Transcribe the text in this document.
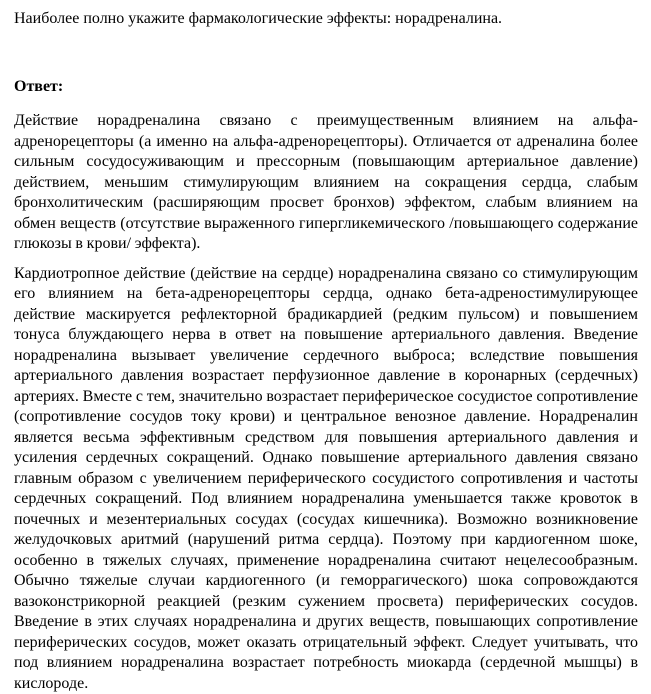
Наиболее полно укажите фармакологические эффекты: норадреналина.

Ответ:

Действие норадреналина связано с преимущественным влиянием на альфа-адренорецепторы (а именно на альфа-адренорецепторы). Отличается от адреналина более сильным сосудосуживающим и прессорным (повышающим артериальное давление) действием, меньшим стимулирующим влиянием на сокращения сердца, слабым бронхолитическим (расширяющим просвет бронхов) эффектом, слабым влиянием на обмен веществ (отсутствие выраженного гипергликемического /повышающего содержание глюкозы в крови/ эффекта).

Кардиотропное действие (действие на сердце) норадреналина связано со стимулирующим его влиянием на бета-адренорецепторы сердца, однако бета-адреностимулирующее действие маскируется рефлекторной брадикардией (редким пульсом) и повышением тонуса блуждающего нерва в ответ на повышение артериального давления. Введение норадреналина вызывает увеличение сердечного выброса; вследствие повышения артериального давления возрастает перфузионное давление в коронарных (сердечных) артериях. Вместе с тем, значительно возрастает периферическое сосудистое сопротивление (сопротивление сосудов току крови) и центральное венозное давление. Норадреналин является весьма эффективным средством для повышения артериального давления и усиления сердечных сокращений. Однако повышение артериального давления связано главным образом с увеличением периферического сосудистого сопротивления и частоты сердечных сокращений. Под влиянием норадреналина уменьшается также кровоток в почечных и мезентериальных сосудах (сосудах кишечника). Возможно возникновение желудочковых аритмий (нарушений ритма сердца). Поэтому при кардиогенном шоке, особенно в тяжелых случаях, применение норадреналина считают нецелесообразным. Обычно тяжелые случаи кардиогенного (и геморрагического) шока сопровождаются вазоконстрикорной реакцией (резким сужением просвета) периферических сосудов. Введение в этих случаях норадреналина и других веществ, повышающих сопротивление периферических сосудов, может оказать отрицательный эффект. Следует учитывать, что под влиянием норадреналина возрастает потребность миокарда (сердечной мышцы) в кислороде.
